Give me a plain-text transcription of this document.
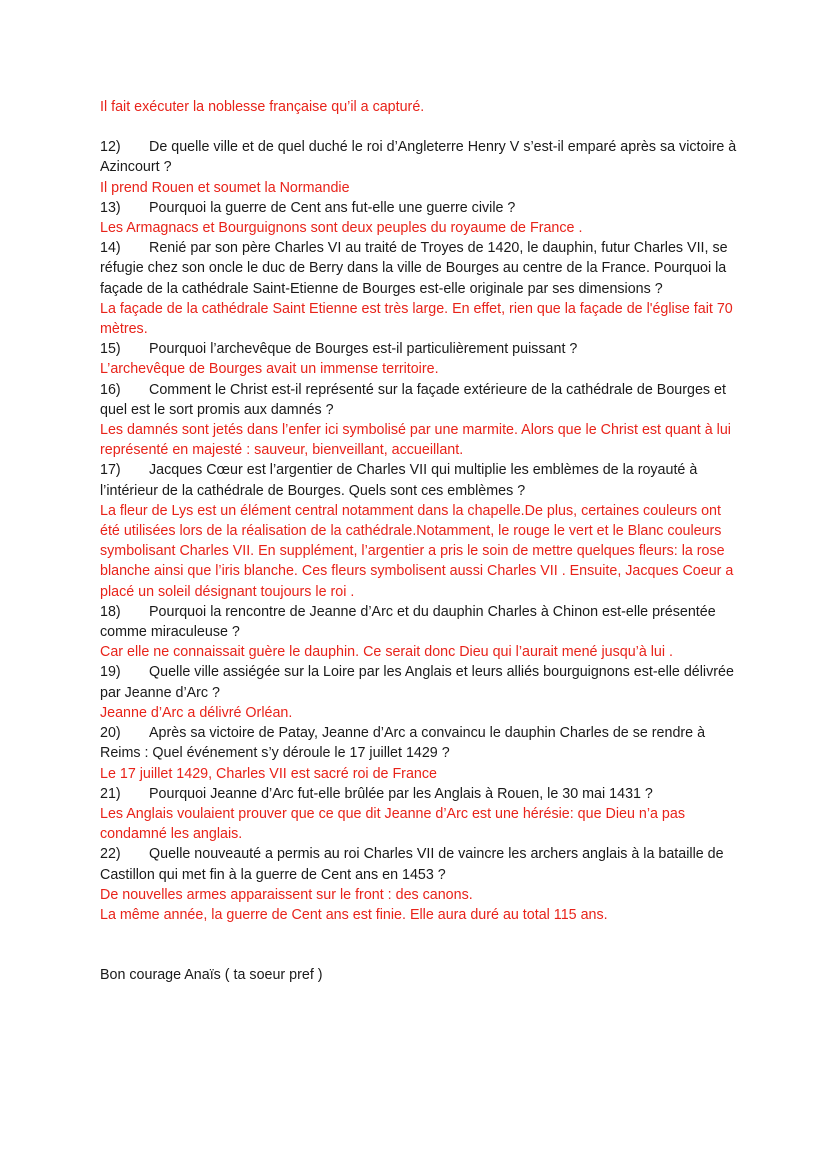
Il fait exécuter la noblesse française qu’il a capturé.
12) De quelle ville et de quel duché le roi d’Angleterre Henry V s’est-il emparé après sa victoire à Azincourt ?
Il prend Rouen et soumet la Normandie
13) Pourquoi la guerre de Cent ans fut-elle une guerre civile ?
Les Armagnacs et Bourguignons sont deux peuples du royaume de France .
14) Renié par son père Charles VI au traité de Troyes de 1420, le dauphin, futur Charles VII, se réfugie chez son oncle le duc de Berry dans la ville de Bourges au centre de la France. Pourquoi la façade de la cathédrale Saint-Etienne de Bourges est-elle originale par ses dimensions ?
La façade de la cathédrale Saint Etienne est très large. En effet, rien que la façade de l'église fait 70 mètres.
15) Pourquoi l’archevêque de Bourges est-il particulièrement puissant ?
L’archevêque de Bourges avait un immense territoire.
16) Comment le Christ est-il représenté sur la façade extérieure de la cathédrale de Bourges et quel est le sort promis aux damnés ?
Les damnés sont jetés dans l’enfer ici symbolisé par une marmite. Alors que le Christ est quant à lui représenté en majesté : sauveur, bienveillant, accueillant.
17) Jacques Cœur est l’argentier de Charles VII qui multiplie les emblèmes de la royauté à l’intérieur de la cathédrale de Bourges. Quels sont ces emblèmes ?
La fleur de Lys est un élément central notamment dans la chapelle.De plus, certaines couleurs ont été utilisées lors de la réalisation de la cathédrale.Notamment, le rouge le vert et le Blanc couleurs symbolisant Charles VII. En supplément, l’argentier a pris le soin de mettre quelques fleurs: la rose blanche ainsi que l’iris blanche. Ces fleurs symbolisent aussi Charles VII . Ensuite, Jacques Coeur a placé un soleil désignant toujours le roi .
18) Pourquoi la rencontre de Jeanne d’Arc et du dauphin Charles à Chinon est-elle présentée comme miraculeuse ?
Car elle ne connaissait guère le dauphin. Ce serait donc Dieu qui l’aurait mené jusqu’à lui .
19) Quelle ville assiégée sur la Loire par les Anglais et leurs alliés bourguignons est-elle délivrée par Jeanne d’Arc ?
Jeanne d’Arc a délivré Orléan.
20) Après sa victoire de Patay, Jeanne d’Arc a convaincu le dauphin Charles de se rendre à Reims : Quel événement s’y déroule le 17 juillet 1429 ?
Le 17 juillet 1429, Charles VII est sacré roi de France
21) Pourquoi Jeanne d’Arc fut-elle brûlée par les Anglais à Rouen, le 30 mai 1431 ?
Les Anglais voulaient prouver que ce que dit Jeanne d’Arc est une hérésie: que Dieu n’a pas condamné les anglais.
22) Quelle nouveauté a permis au roi Charles VII de vaincre les archers anglais à la bataille de Castillon qui met fin à la guerre de Cent ans en 1453 ?
De nouvelles armes apparaissent sur le front : des canons.
La même année, la guerre de Cent ans est finie. Elle aura duré au total 115 ans.
Bon courage Anaïs ( ta soeur pref )
